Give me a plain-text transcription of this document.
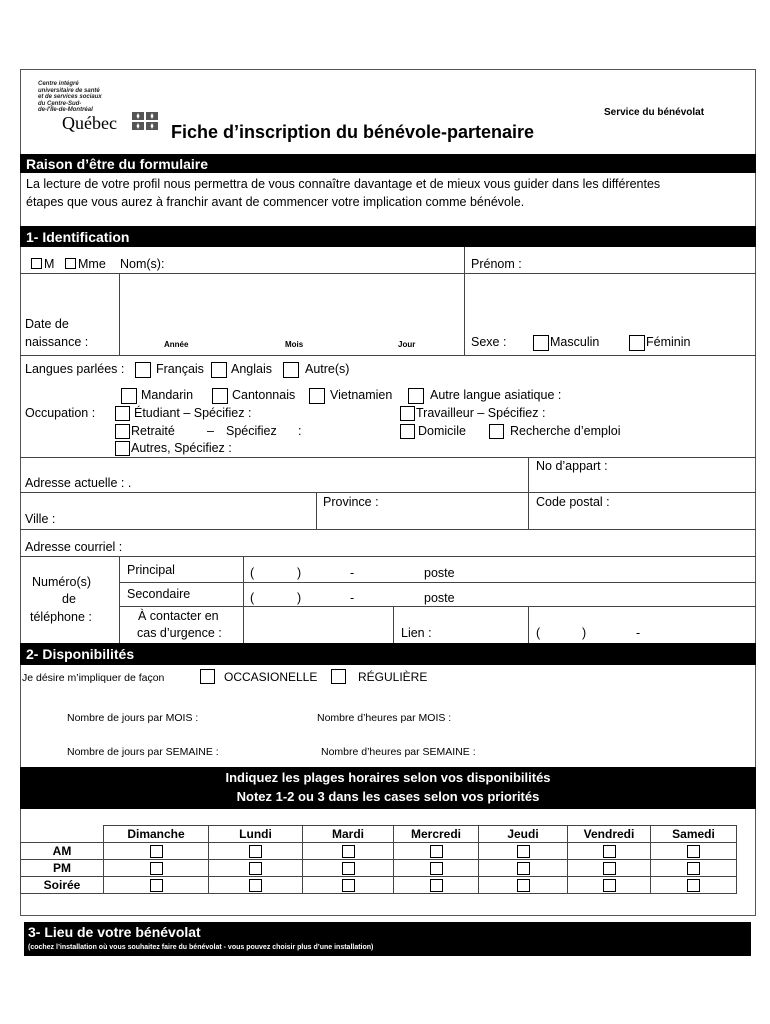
Centre intégré
universitaire de santé
et de services sociaux
du Centre-Sud-
de-l'Île-de-Montréal
Québec	Fiche d’inscription du bénévole-partenaire
Service du bénévolat
Raison d’être du formulaire
La lecture de votre profil nous permettra de vous connaître davantage et de mieux vous guider dans les différentes
étapes que vous aurez à franchir avant de commencer votre implication comme bénévole.
1- Identification
M Mme Nom(s):	Prénom :
Date de
naissance :	Année	Mois	Jour	Sexe :	Masculin	Féminin
Langues parlées :	Français Anglais	Autre(s)
Mandarin	Cantonnais	Vietnamien	Autre langue asiatique :
Occupation :	Étudiant – Spécifiez :	Travailleur – Spécifiez :
Retraité	– Spécifiez :	Domicile	Recherche d’emploi
Autres, Spécifiez :
No d’appart :
Adresse actuelle : .
Province :	Code postal :
Ville :
Adresse courriel :
Numéro(s)
de
téléphone :
Principal	(	)	-	poste
Secondaire	(	)	-	poste
À contacter en
cas d’urgence :	Lien :	(	)	-
2- Disponibilités
Je désire m’impliquer de façon	OCCASIONELLE	RÉGULIÈRE
Nombre de jours par MOIS :	Nombre d’heures par MOIS :
Nombre de jours par SEMAINE :	Nombre d’heures par SEMAINE :
Indiquez les plages horaires selon vos disponibilités
Notez 1-2 ou 3 dans les cases selon vos priorités
	Dimanche	Lundi	Mardi	Mercredi	Jeudi	Vendredi	Samedi
AM							
PM							
Soirée							
3- Lieu de votre bénévolat
(cochez l’installation où vous souhaitez faire du bénévolat - vous pouvez choisir plus d’une installation)
